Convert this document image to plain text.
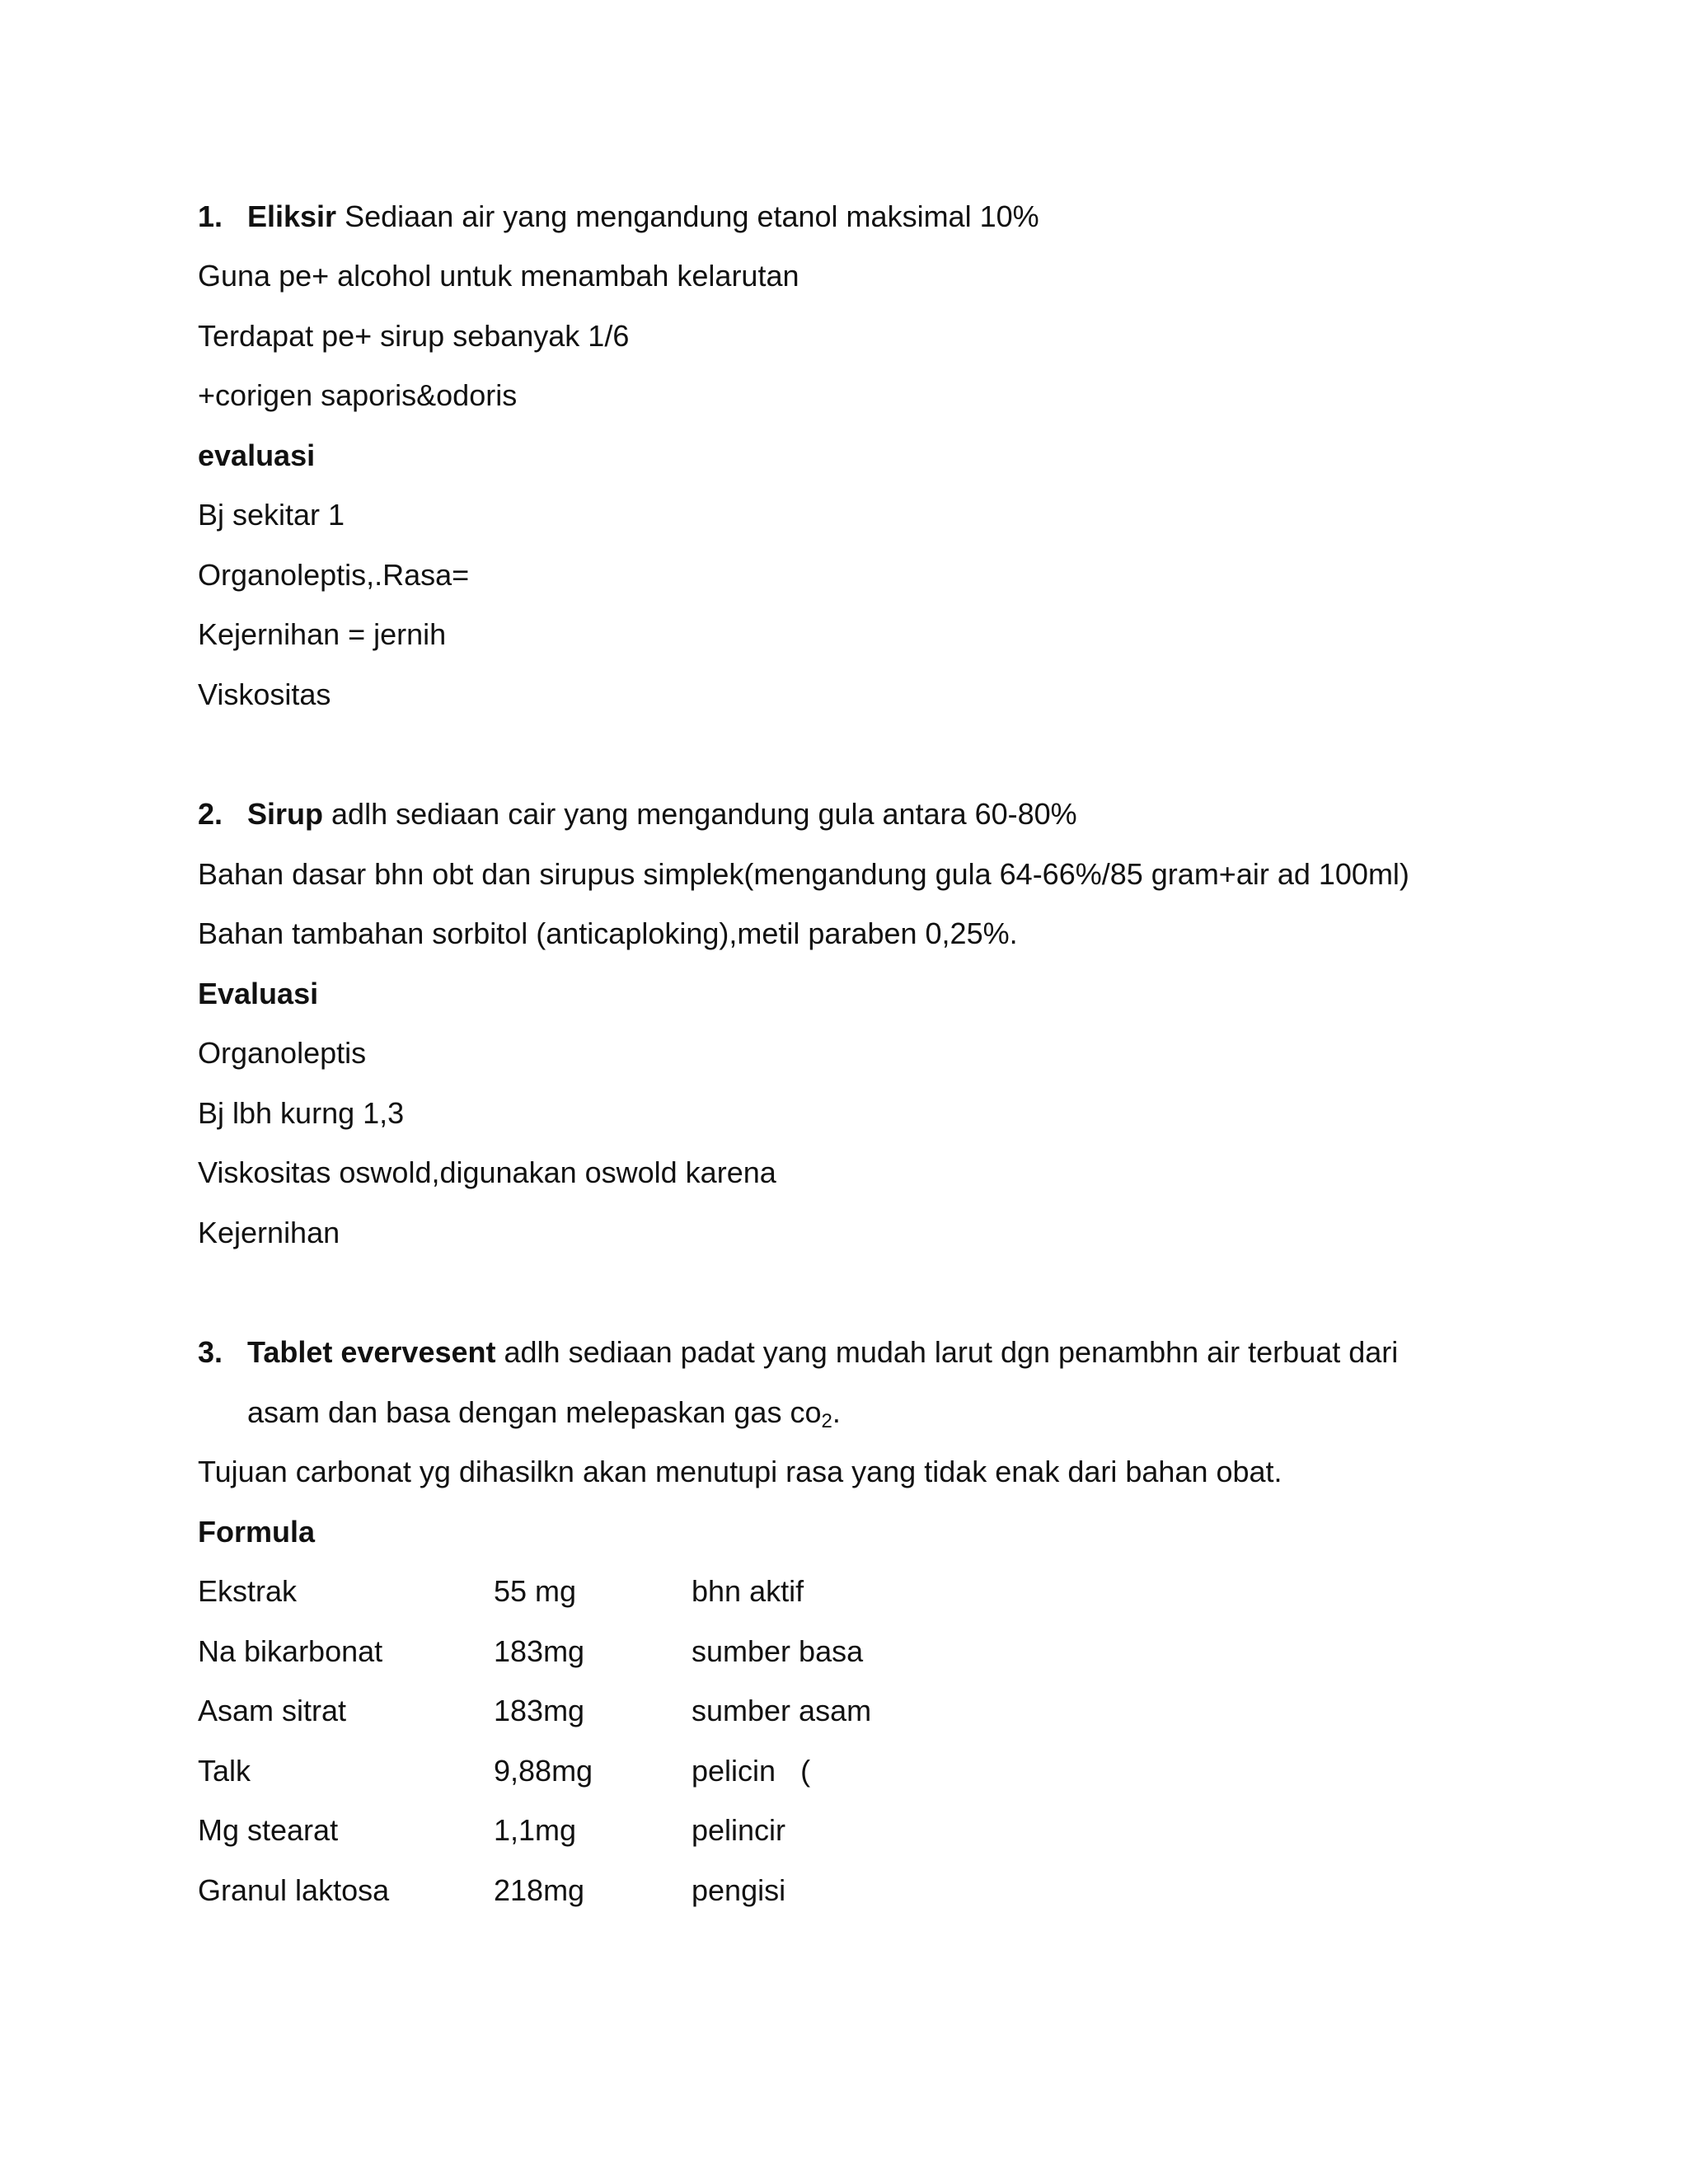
1. Eliksir Sediaan air yang mengandung etanol maksimal 10%
Guna pe+ alcohol untuk menambah kelarutan
Terdapat pe+ sirup sebanyak 1/6
+corigen saporis&odoris
evaluasi
Bj sekitar 1
Organoleptis,.Rasa=
Kejernihan = jernih
Viskositas
2. Sirup adlh sediaan cair yang mengandung gula antara 60-80%
Bahan dasar bhn obt dan sirupus simplek(mengandung gula 64-66%/85 gram+air ad 100ml)
Bahan tambahan sorbitol (anticaploking),metil paraben 0,25%.
Evaluasi
Organoleptis
Bj lbh kurng 1,3
Viskositas oswold,digunakan oswold karena
Kejernihan
3. Tablet evervesent adlh sediaan padat yang mudah larut dgn penambhn air terbuat dari
asam dan basa dengan melepaskan gas $co_2$.
Tujuan carbonat yg dihasilkn akan menutupi rasa yang tidak enak dari bahan obat.
Formula
Ekstrak	55 mg	bhn aktif
Na bikarbonat	183mg	sumber basa
Asam sitrat	183mg	sumber asam
Talk	9,88mg	pelicin   (
Mg stearat	1,1mg	pelincir
Granul laktosa	218mg	pengisi
